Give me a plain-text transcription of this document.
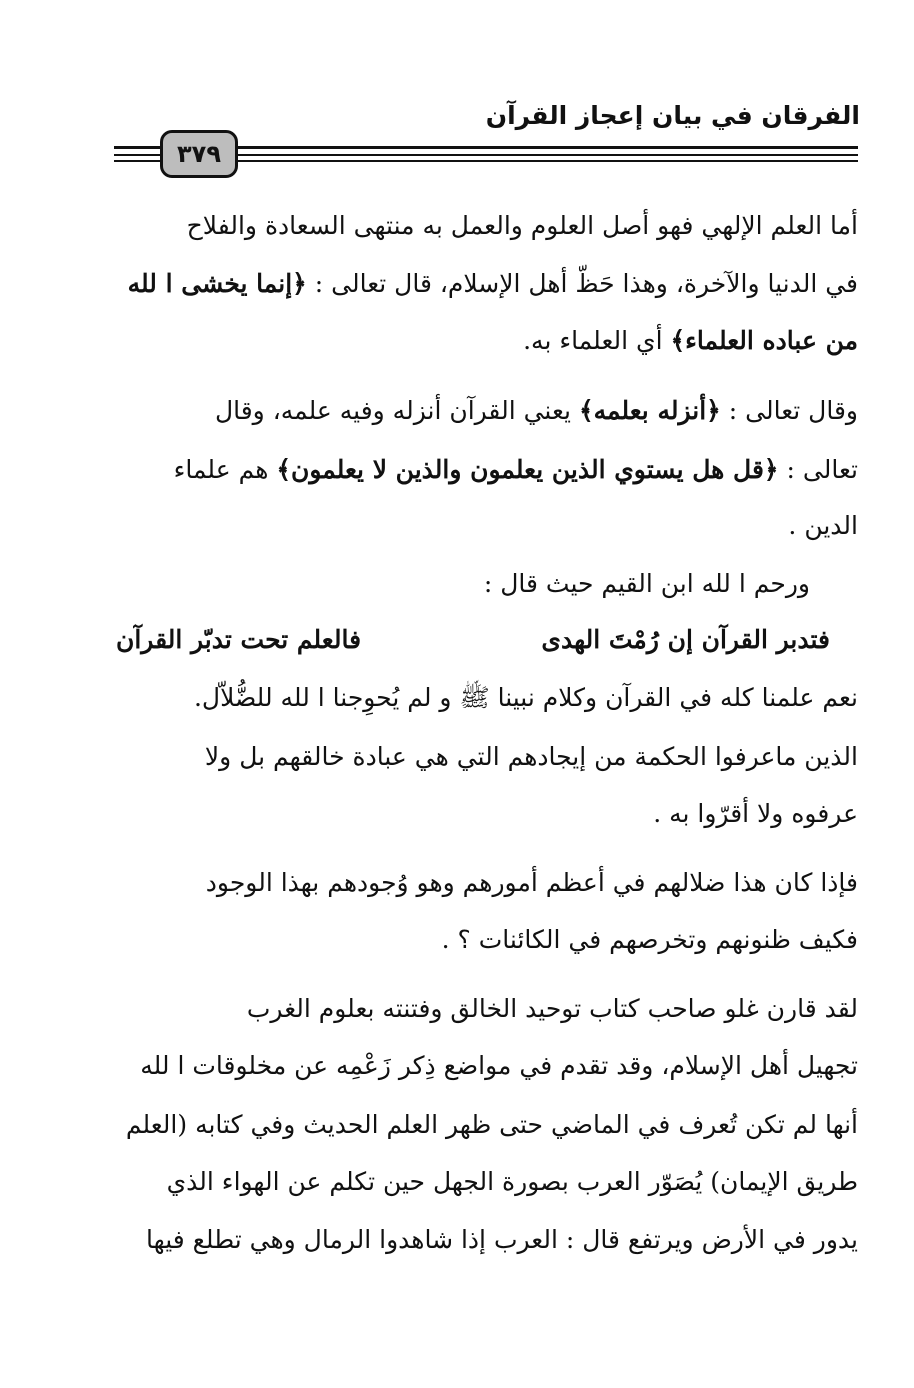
الفرقان في بيان إعجاز القرآن
٣٧٩
أما العلم الإلهي فهو أصل العلوم والعمل به منتهى السعادة والفلاح
في الدنيا والآخرة، وهذا حَظّ أهل الإسلام، قال تعالى : ﴿إنما يخشى ا لله
من عباده العلماء﴾ أي العلماء به.
وقال تعالى : ﴿أنزله بعلمه﴾ يعني القرآن أنزله وفيه علمه، وقال
تعالى : ﴿قل هل يستوي الذين يعلمون والذين لا يعلمون﴾ هم علماء
الدين .
ورحم ا لله ابن القيم حيث قال :
فتدبر القرآن إن رُمْتَ الهدى
فالعلم تحت تدبّر القرآن
نعم علمنا كله في القرآن وكلام نبينا ﷺ و لم يُحوِجنا ا لله للضُّلاّل.
الذين ماعرفوا الحكمة من إيجادهم التي هي عبادة خالقهم بل ولا
عرفوه ولا أقرّوا به .
فإذا كان هذا ضلالهم في أعظم أمورهم وهو وُجودهم بهذا الوجود
فكيف ظنونهم وتخرصهم في الكائنات ؟ .
لقد قارن غلو صاحب كتاب توحيد الخالق وفتنته بعلوم الغرب
تجهيل أهل الإسلام، وقد تقدم في مواضع ذِكر زَعْمِه عن مخلوقات ا لله
أنها لم تكن تُعرف في الماضي حتى ظهر العلم الحديث وفي كتابه (العلم
طريق الإيمان) يُصَوّر العرب بصورة الجهل حين تكلم عن الهواء الذي
يدور في الأرض ويرتفع قال : العرب إذا شاهدوا الرمال وهي تطلع فيها
